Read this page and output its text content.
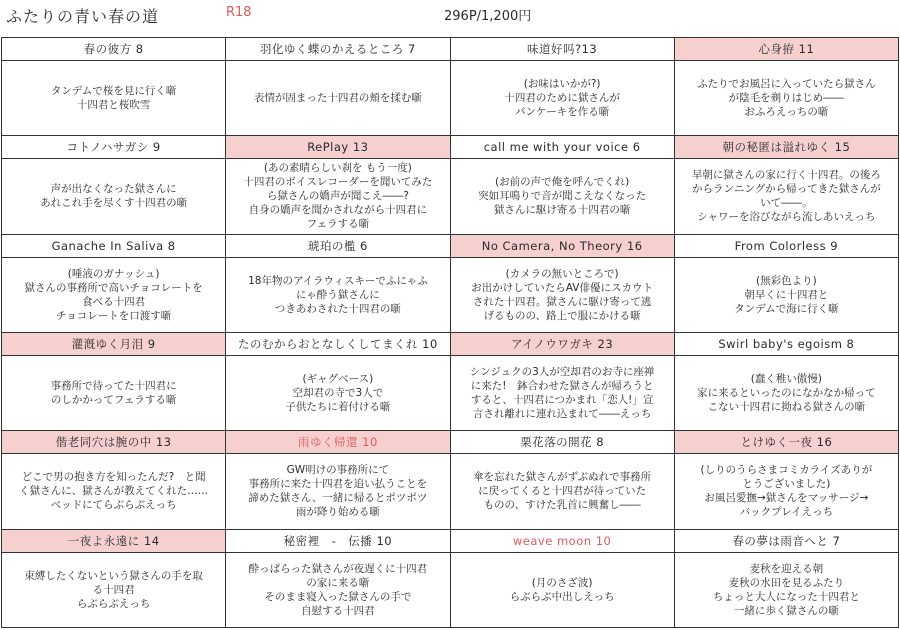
ふたりの青い春の道	R18	296P/1,200円
春の彼方 8
タンデムで桜を見に行く噺
十四君と桜吹雪
羽化ゆく蝶のかえるところ 7
表情が固まった十四君の頬を揉む噺
味道好吗?13
(お味はいかが?)
十四君のために獄さんが
パンケーキを作る噺
心身拵 11
ふたりでお風呂に入っていたら獄さん
が陰毛を剃りはじめ――
おふろえっちの噺
コトノハサガシ 9
声が出なくなった獄さんに
あれこれ手を尽くす十四君の噺
RePlay 13
(あの素晴らしい刹を もう一度)
十四君のボイスレコーダーを聞いてみた
ら獄さんの嬌声が聞こえ――?
自身の嬌声を聞かされながら十四君に
フェラする噺
call me with your voice 6
(お前の声で俺を呼んでくれ)
突如耳鳴りで音が聞こえなくなった
獄さんに駆け寄る十四君の噺
朝の秘匿は溢れゆく 15
早朝に獄さんの家に行く十四君。の後ろ
からランニングから帰ってきた獄さんが
いて――。
シャワーを浴びながら流しあいえっち
Ganache In Saliva 8
(唾液のガナッシュ)
獄さんの事務所で高いチョコレートを
食べる十四君
チョコレートを口渡す噺
琥珀の檻 6
18年物のアイラウィスキーでふにゃふ
にゃ酔う獄さんに
つきあわされた十四君の噺
No Camera, No Theory 16
(カメラの無いところで)
お出かけしていたらAV俳優にスカウト
された十四君。獄さんに駆け寄って逃
げるものの、路上で服にかける噺
From Colorless 9
(無彩色より)
朝早くに十四君と
タンデムで海に行く噺
灌漑ゆく月泪 9
事務所で待ってた十四君に
のしかかってフェラする噺
たのむからおとなしくしてまくれ 10
(ギャグベース)
空却君の寺で3人で
子供たちに着付ける噺
アイノウワガキ 23
シンジュクの3人が空却君のお寺に座禅
に来た!　鉢合わせた獄さんが帰ろうと
すると、十四君につかまれ「恋人!」宣
言され離れに連れ込まれて――えっち
Swirl baby's egoism 8
(蠢く稚い傲慢)
家に来るといったのになかなか帰って
こない十四君に拗ねる獄さんの噺
偕老同穴は腕の中 13
どこで男の抱き方を知ったんだ?　と聞
く獄さんに、獄さんが教えてくれた……
ベッドにてらぶらぶえっち
雨ゆく帰還 10
GW明けの事務所にて
事務所に来た十四君を追い払うことを
諦めた獄さん、一緒に帰るとポツポツ
雨が降り始める噺
栗花落の開花 8
傘を忘れた獄さんがずぶぬれで事務所
に戻ってくると十四君が待っていた
ものの、すけた乳首に興奮し――
とけゆく一夜 16
(しりのうらさまコミカライズありが
とうございました)
お風呂愛撫→獄さんをマッサージ→
バックプレイえっち
一夜よ永遠に 14
束縛したくないという獄さんの手を取
る十四君
らぶらぶえっち
秘密裡　-　伝播 10
酔っぱらった獄さんが夜遅くに十四君
の家に来る噺
そのまま寝入った獄さんの手で
自慰する十四君
weave moon 10
(月のさざ波)
らぶらぶ中出しえっち
春の夢は雨音へと 7
麦秋を迎える朝
麦秋の水田を見るふたり
ちょっと大人になった十四君と
一緒に歩く獄さんの噺
